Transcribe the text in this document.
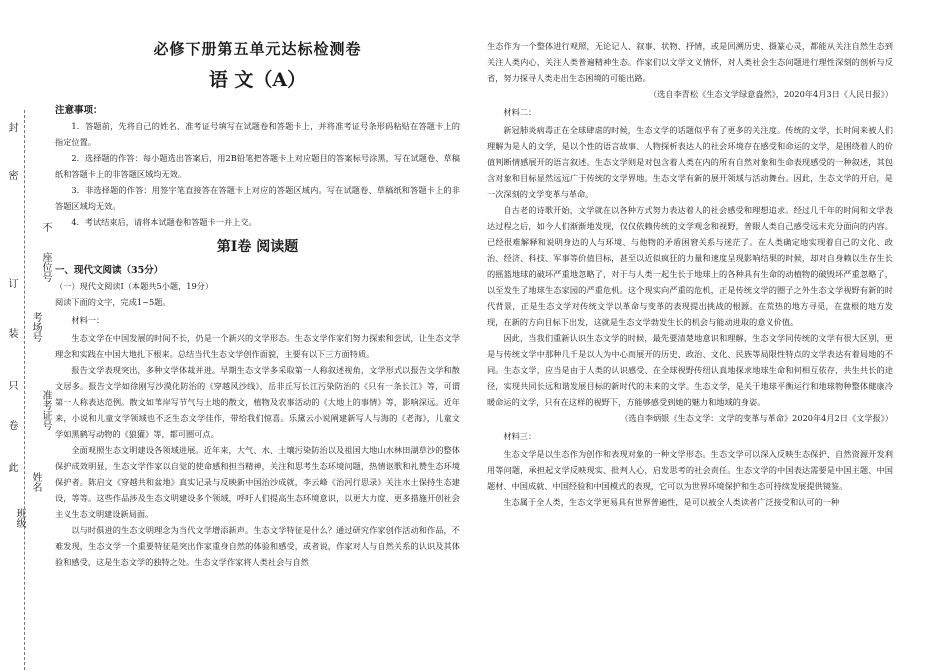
封
密
不
订
装
只
卷
此
班级
姓名
准考证号
考场号
座位号
必修下册第五单元达标检测卷
语 文（A）
注意事项：

1．答题前，先将自己的姓名、准考证号填写在试题卷和答题卡上，并将准考证号条形码粘贴在答题卡上的指定位置。

2．选择题的作答：每小题选出答案后，用2B铅笔把答题卡上对应题目的答案标号涂黑，写在试题卷、草稿纸和答题卡上的非答题区域均无效。

3．非选择题的作答：用签字笔直接答在答题卡上对应的答题区域内。写在试题卷、草稿纸和答题卡上的非答题区域均无效。

4．考试结束后，请将本试题卷和答题卡一并上交。

第Ⅰ卷 阅读题
一、现代文阅读（35分）

（一）现代文阅读Ⅰ（本题共5小题，19分）

阅读下面的文字，完成1~5题。

材料一：

生态文学在中国发展的时间不长，仍是一个新兴的文学形态。生态文学作家们努力探索和尝试，让生态文学理念和实践在中国大地扎下根来。总结当代生态文学创作面貌，主要有以下三方面特质。

报告文学表现突出，多种文学体裁并进。早期生态文学多采取第一人称叙述视角，文学形式以报告文学和散文居多。报告文学如徐刚写沙漠化防治的《穿越风沙线》，岳非丘写长江污染防治的《只有一条长江》等，可谓第一人称表达范例。散文如苇岸写节气与土地的散文，植物及农事活动的《大地上的事情》等，影响深远。近年来，小说和儿童文学领域也不乏生态文学佳作，带给我们惊喜。乐黛云小说阐建新写人与海的《老海》，儿童文学如黑鹤写动物的《狼獾》等，都可圈可点。

全面观照生态文明建设各领域进展。近年来，大气、水、土壤污染防治以及祖国大地山水林田湖草沙的整体保护成效明显，生态文学作家以自觉的使命感和担当精神，关注和思考生态环境问题，热情讴歌和礼赞生态环境保护者。陈启文《穿越共和盆地》真实记录与反映新中国治沙成就，李云峰《治河行思录》关注水土保持生态建设，等等。这些作品涉及生态文明建设多个领域，呼吁人们提高生态环境意识，以更大力度、更多措施开创社会主义生态文明建设新局面。

以与时俱进的生态文明理念为当代文学增添新声。生态文学特征是什么？通过研究作家创作活动和作品，不难发现，生态文学一个重要特征是突出作家重身自然的体验和感受，或者说，作家对人与自然关系的认识及其体验和感受，这是生态文学的独特之处。生态文学作家将人类社会与自然

生态作为一个整体进行观照，无论记人、叙事、状物、抒情，或是回溯历史、摄篆心灵，都能从关注自然生态到关注人类内心，关注人类普遍精神生态。作家们以文学文义情怀，对人类社会生态问题进行理性深刻的剖析与反省，努力探寻人类走出生态困境的可能出路。

（选自李青松《生态文学绿意盎然》，2020年4月3日《人民日报》）
材料二：

新冠肺炎病毒正在全球肆虐的时候，生态文学的话题似乎有了更多的关注度。传统的文学，长时间来被人们理解为是人的文学，是以个性的语言故事、人物探析表达人的社会环境存在感受和命运的文学，是围绕着人的价值判断情感展开的语言叙述。生态文学则是对包含着人类在内的所有自然对象和生命表现感受的一种叙述，其包含对象和目标显然远远广于传统的文学界地。生态文学有新的展开领域与活动舞台。因此，生态文学的开启，是一次深刻的文学变革与革命。

自古老的诗歌开始，文学就在以各种方式努力表达着人的社会感受和理想追求。经过几千年的时间和文学表达过程之后，如今人们渐渐地发现，仅仅依赖传统的文学观念和视野，普眼人类自己感受远未充分面向的内容。已经很难解释和说明身边的人与环境、与他物的矛盾困窘关系与迷茫了。在人类确定地实现着自己的文化、政治、经济、科技、军事等价值目标，甚至以近似疯狂的力量和速度呈现影响结果的时候，却对自身赖以生存生长的摇篮地球的破坏严重地忽略了，对于与人类一起生长于地球上的各种具有生命的动植物的破毁坏严重忽略了，以至发生了地球生态家园的严重危机。这个现实向严重的危机，正是传统文学的圈子之外生态文学视野有新的时代背景，正是生态文学对传统文学以革命与变革的表现提出挑战的根源。在荒热的地方寻觅，在盘根的地方发现，在新的方向目标下出发，这就是生态文学勃发生长的机会与能动进取的意义价值。

因此，当我们重新认识生态文学的时候，最先要清楚地意识和理解，生态文学同传统的文学有很大区别，更是与传统文学中那种几千是以人为中心而展开的历史、政治、文化、民族等局限性特点的文学表达有着局地的不同。生态文学，应当是由于人类的认识感受、在全球视野传纽认真地探求地球生命和何相互依存，共生共长的途径，实现共同长远和谐发展目标的新时代的未来的文学。生态文学，是关于地球平衡运行和地球物种整体健康冷暖命运的文学，只有在这样的视野下，方能够感受到她的魅力和地域的身姿。

（选自李炳银《生态文学：文学的变革与革命》2020年4月2日《文学报》）
材料三：

生态文学是以生态作为创作和表现对象的一种文学形态。生态文学可以深入反映生态保护、自然资源开发利用等问题，承担起文学反映现实、批判人心，启发思考的社会责任。生态文学的中国表达需要是中国主题、中国题材、中国成就、中国经验和中国模式的表现，它可以为世界环境保护和生态可持续发展提供镜鉴。

生态属于全人类，生态文学更易具有世界普遍性，是可以被全人类读者广泛接受和认可的一种
